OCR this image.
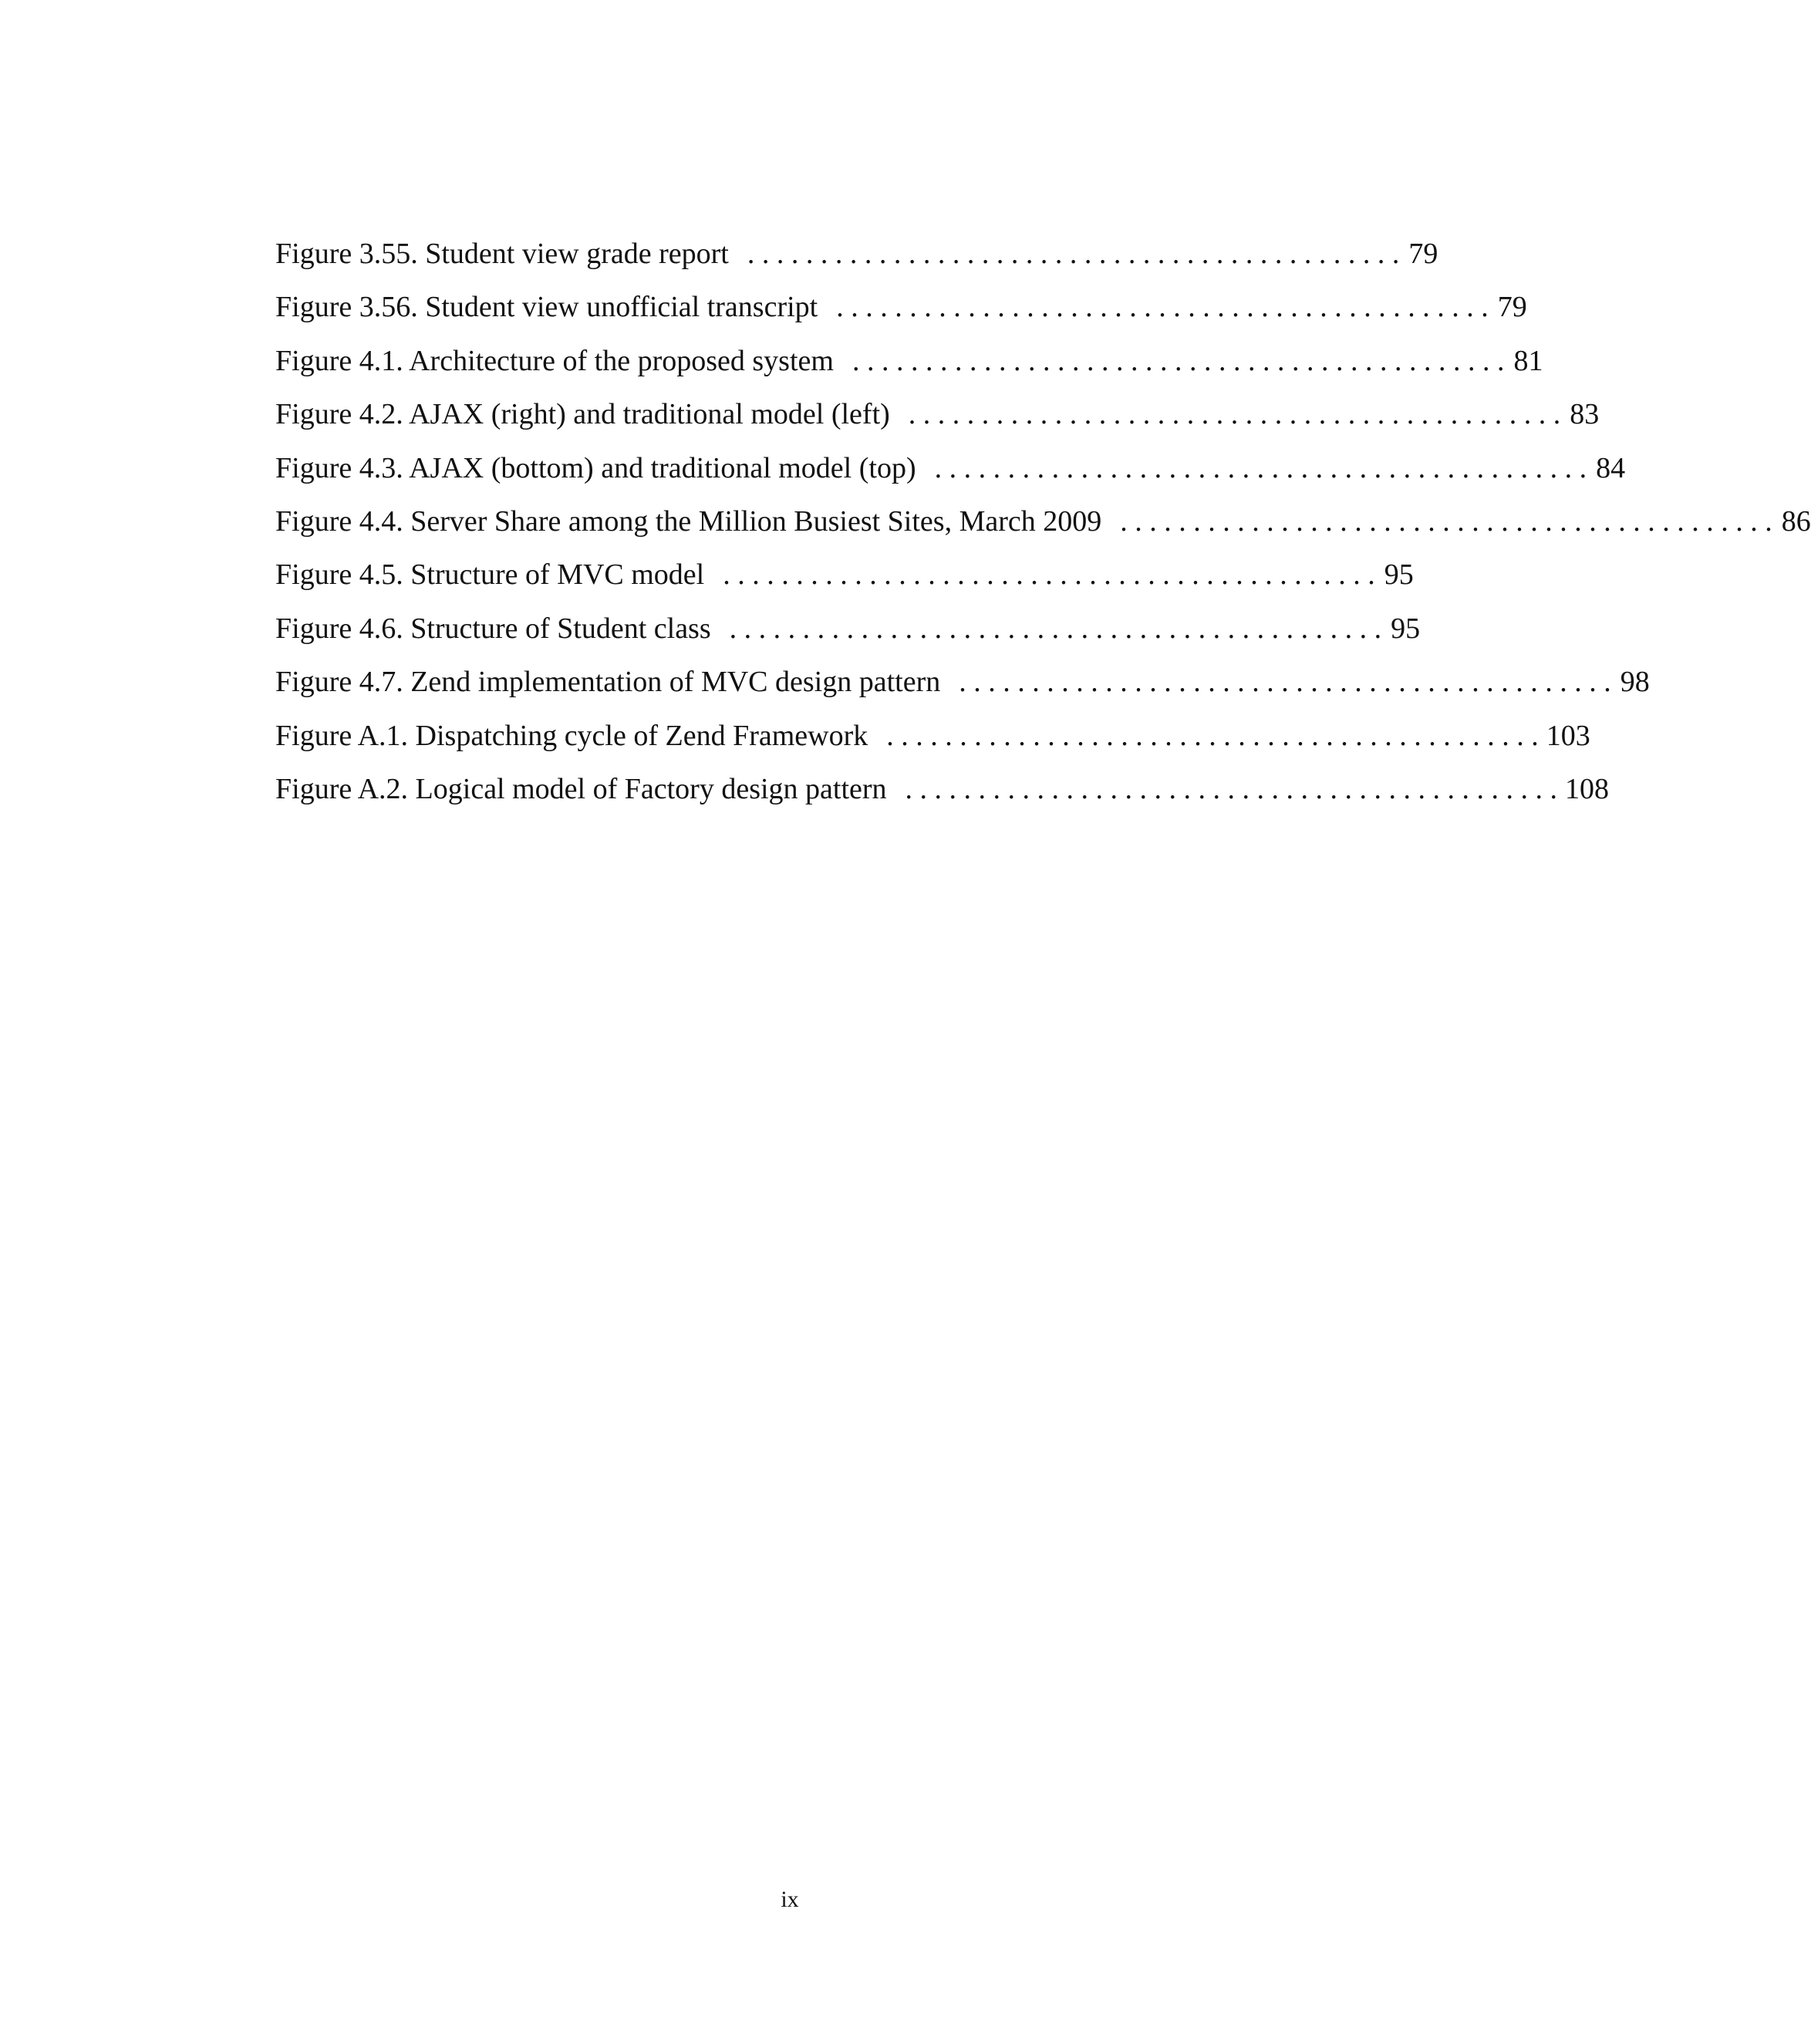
Figure 3.55. Student view grade report . . . . . . . . . . . . . . . . . . . . . . . . . . . . . . . . . . . . . . . . . . . . . 79
Figure 3.56. Student view unofficial transcript . . . . . . . . . . . . . . . . . . . . . . . . . . . . . . . . . . . . . . . . . . . . . 79
Figure 4.1. Architecture of the proposed system . . . . . . . . . . . . . . . . . . . . . . . . . . . . . . . . . . . . . . . . . . . . . 81
Figure 4.2. AJAX (right) and traditional model (left) . . . . . . . . . . . . . . . . . . . . . . . . . . . . . . . . . . . . . . . . . . . . . 83
Figure 4.3. AJAX (bottom) and traditional model (top) . . . . . . . . . . . . . . . . . . . . . . . . . . . . . . . . . . . . . . . . . . . . . 84
Figure 4.4. Server Share among the Million Busiest Sites, March 2009 . . . . . . . . . . . . . . . . . . . . . . . . . . . . . . . . . . . . . . . . . . . . . 86
Figure 4.5. Structure of MVC model . . . . . . . . . . . . . . . . . . . . . . . . . . . . . . . . . . . . . . . . . . . . . 95
Figure 4.6. Structure of Student class . . . . . . . . . . . . . . . . . . . . . . . . . . . . . . . . . . . . . . . . . . . . . 95
Figure 4.7. Zend implementation of MVC design pattern . . . . . . . . . . . . . . . . . . . . . . . . . . . . . . . . . . . . . . . . . . . . . 98
Figure A.1. Dispatching cycle of Zend Framework . . . . . . . . . . . . . . . . . . . . . . . . . . . . . . . . . . . . . . . . . . . . . 103
Figure A.2. Logical model of Factory design pattern . . . . . . . . . . . . . . . . . . . . . . . . . . . . . . . . . . . . . . . . . . . . . 108
ix
